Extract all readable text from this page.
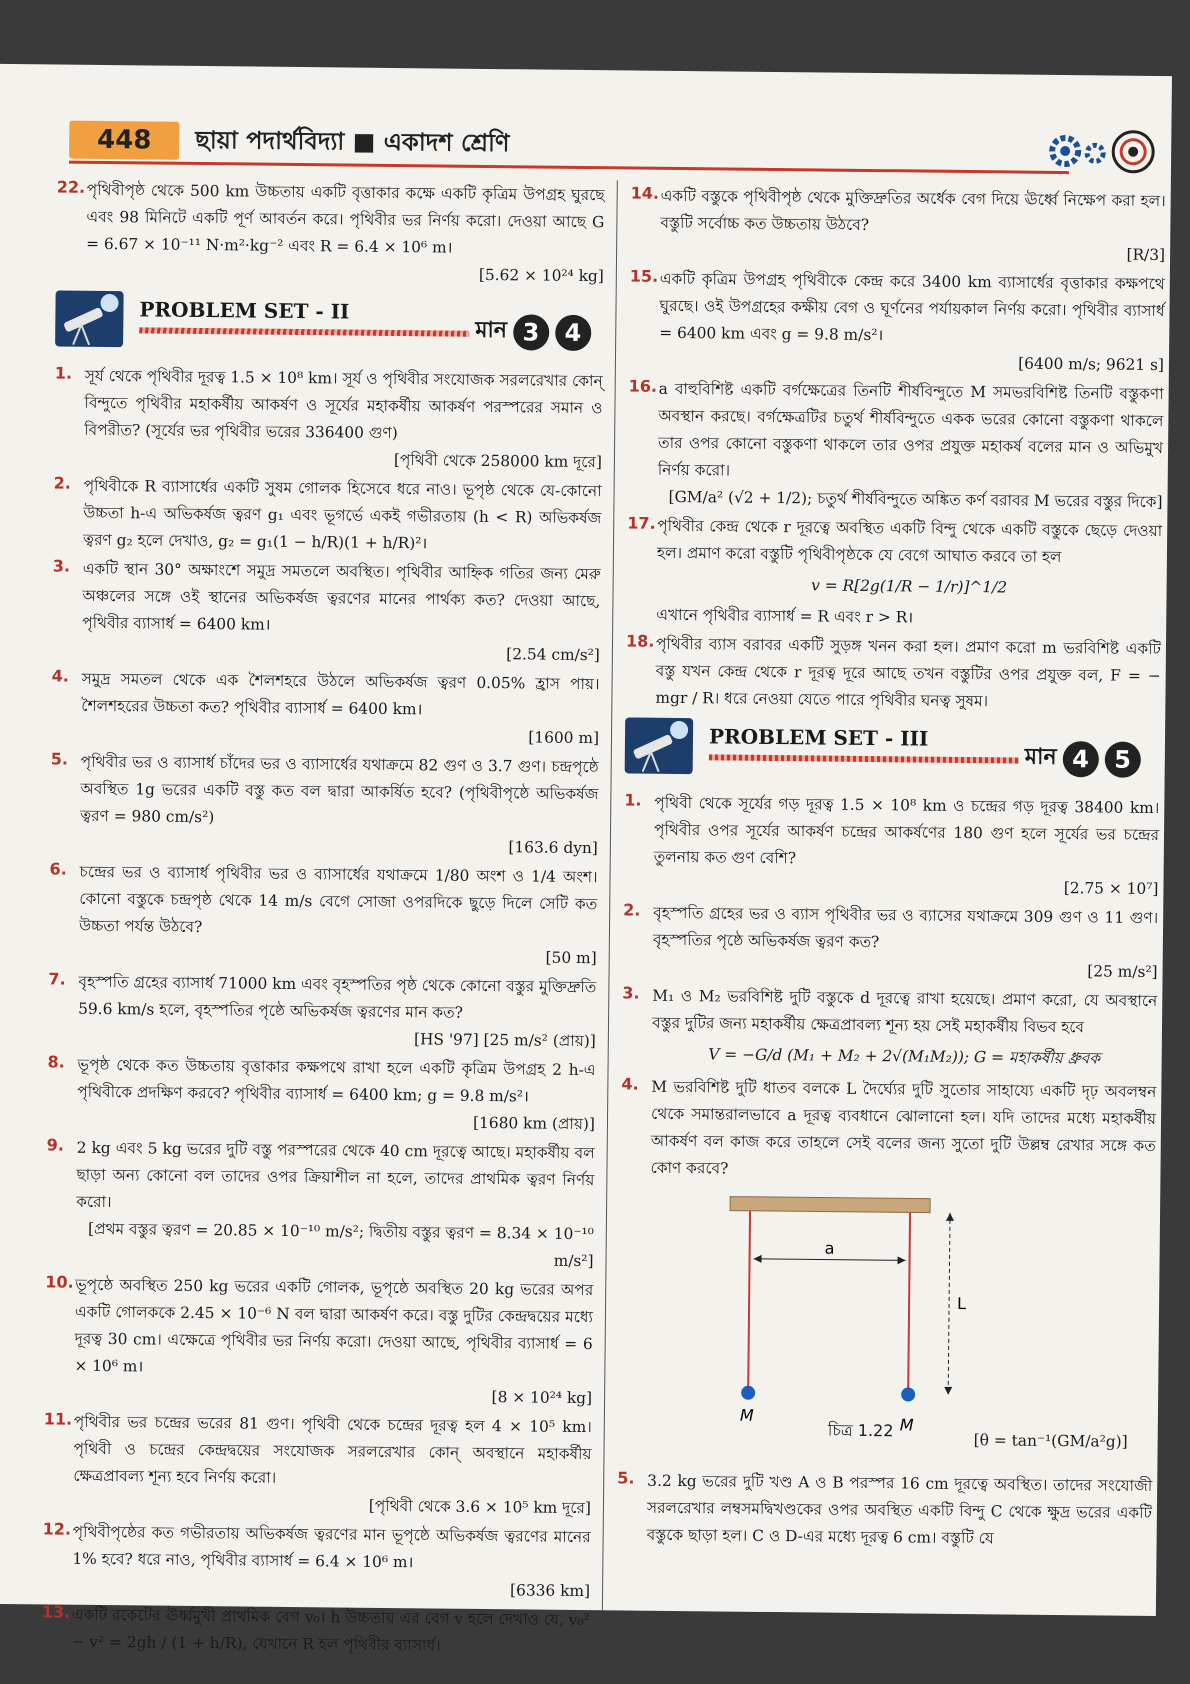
448	ছায়া পদার্থবিদ্যা ■ একাদশ শ্রেণি
22. পৃথিবীপৃষ্ঠ থেকে 500 km উচ্চতায় একটি বৃত্তাকার কক্ষে একটি কৃত্রিম উপগ্রহ ঘুরছে এবং 98 মিনিটে একটি পূর্ণ আবর্তন করে। পৃথিবীর ভর নির্ণয় করো। দেওয়া আছে G = 6.67 × 10⁻¹¹ N·m²·kg⁻² এবং R = 6.4 × 10⁶ m।
[5.62 × 10²⁴ kg]
PROBLEM SET - II
মান 3	4
1. সূর্য থেকে পৃথিবীর দূরত্ব 1.5 × 10⁸ km। সূর্য ও পৃথিবীর সংযোজক সরলরেখার কোন্ বিন্দুতে পৃথিবীর মহাকর্ষীয় আকর্ষণ ও সূর্যের মহাকর্ষীয় আকর্ষণ পরস্পরের সমান ও বিপরীত? (সূর্যের ভর পৃথিবীর ভরের 336400 গুণ)
[পৃথিবী থেকে 258000 km দূরে]
2. পৃথিবীকে R ব্যাসার্ধের একটি সুষম গোলক হিসেবে ধরে নাও। ভূপৃষ্ঠ থেকে যে-কোনো উচ্চতা h-এ অভিকর্ষজ ত্বরণ g₁ এবং ভূগর্ভে একই গভীরতায় (h < R) অভিকর্ষজ ত্বরণ g₂ হলে দেখাও, g₂ = g₁(1 − h/R)(1 + h/R)²।
3. একটি স্থান 30° অক্ষাংশে সমুদ্র সমতলে অবস্থিত। পৃথিবীর আহ্নিক গতির জন্য মেরু অঞ্চলের সঙ্গে ওই স্থানের অভিকর্ষজ ত্বরণের মানের পার্থক্য কত? দেওয়া আছে, পৃথিবীর ব্যাসার্ধ = 6400 km।
[2.54 cm/s²]
4. সমুদ্র সমতল থেকে এক শৈলশহরে উঠলে অভিকর্ষজ ত্বরণ 0.05% হ্রাস পায়। শৈলশহরের উচ্চতা কত? পৃথিবীর ব্যাসার্ধ = 6400 km।
[1600 m]
5. পৃথিবীর ভর ও ব্যাসার্ধ চাঁদের ভর ও ব্যাসার্ধের যথাক্রমে 82 গুণ ও 3.7 গুণ। চন্দ্রপৃষ্ঠে অবস্থিত 1g ভরের একটি বস্তু কত বল দ্বারা আকর্ষিত হবে? (পৃথিবীপৃষ্ঠে অভিকর্ষজ ত্বরণ = 980 cm/s²)
[163.6 dyn]
6. চন্দ্রের ভর ও ব্যাসার্ধ পৃথিবীর ভর ও ব্যাসার্ধের যথাক্রমে 1/80 অংশ ও 1/4 অংশ। কোনো বস্তুকে চন্দ্রপৃষ্ঠ থেকে 14 m/s বেগে সোজা ওপরদিকে ছুড়ে দিলে সেটি কত উচ্চতা পর্যন্ত উঠবে?
[50 m]
7. বৃহস্পতি গ্রহের ব্যাসার্ধ 71000 km এবং বৃহস্পতির পৃষ্ঠ থেকে কোনো বস্তুর মুক্তিদ্রুতি 59.6 km/s হলে, বৃহস্পতির পৃষ্ঠে অভিকর্ষজ ত্বরণের মান কত?
[HS '97] [25 m/s² (প্রায়)]
8. ভূপৃষ্ঠ থেকে কত উচ্চতায় বৃত্তাকার কক্ষপথে রাখা হলে একটি কৃত্রিম উপগ্রহ 2 h-এ পৃথিবীকে প্রদক্ষিণ করবে? পৃথিবীর ব্যাসার্ধ = 6400 km; g = 9.8 m/s²।
[1680 km (প্রায়)]
9. 2 kg এবং 5 kg ভরের দুটি বস্তু পরস্পরের থেকে 40 cm দূরত্বে আছে। মহাকর্ষীয় বল ছাড়া অন্য কোনো বল তাদের ওপর ক্রিয়াশীল না হলে, তাদের প্রাথমিক ত্বরণ নির্ণয় করো।
[প্রথম বস্তুর ত্বরণ = 20.85 × 10⁻¹⁰ m/s²; দ্বিতীয় বস্তুর ত্বরণ = 8.34 × 10⁻¹⁰ m/s²]
10. ভূপৃষ্ঠে অবস্থিত 250 kg ভরের একটি গোলক, ভূপৃষ্ঠে অবস্থিত 20 kg ভরের অপর একটি গোলককে 2.45 × 10⁻⁶ N বল দ্বারা আকর্ষণ করে। বস্তু দুটির কেন্দ্রদ্বয়ের মধ্যে দূরত্ব 30 cm। এক্ষেত্রে পৃথিবীর ভর নির্ণয় করো। দেওয়া আছে, পৃথিবীর ব্যাসার্ধ = 6 × 10⁶ m।
[8 × 10²⁴ kg]
11. পৃথিবীর ভর চন্দ্রের ভরের 81 গুণ। পৃথিবী থেকে চন্দ্রের দূরত্ব হল 4 × 10⁵ km। পৃথিবী ও চন্দ্রের কেন্দ্রদ্বয়ের সংযোজক সরলরেখার কোন্ অবস্থানে মহাকর্ষীয় ক্ষেত্রপ্রাবল্য শূন্য হবে নির্ণয় করো।
[পৃথিবী থেকে 3.6 × 10⁵ km দূরে]
12. পৃথিবীপৃষ্ঠের কত গভীরতায় অভিকর্ষজ ত্বরণের মান ভূপৃষ্ঠে অভিকর্ষজ ত্বরণের মানের 1% হবে? ধরে নাও, পৃথিবীর ব্যাসার্ধ = 6.4 × 10⁶ m।
[6336 km]
13. একটি রকেটের ঊর্ধ্বমুখী প্রাথমিক বেগ v₀। h উচ্চতায় এর বেগ v হলে দেখাও যে, v₀² − v² = 2gh / (1 + h/R), যেখানে R হল পৃথিবীর ব্যাসার্ধ।
14. একটি বস্তুকে পৃথিবীপৃষ্ঠ থেকে মুক্তিদ্রুতির অর্ধেক বেগ দিয়ে ঊর্ধ্বে নিক্ষেপ করা হল। বস্তুটি সর্বোচ্চ কত উচ্চতায় উঠবে?
[R/3]
15. একটি কৃত্রিম উপগ্রহ পৃথিবীকে কেন্দ্র করে 3400 km ব্যাসার্ধের বৃত্তাকার কক্ষপথে ঘুরছে। ওই উপগ্রহের কক্ষীয় বেগ ও ঘূর্ণনের পর্যায়কাল নির্ণয় করো। পৃথিবীর ব্যাসার্ধ = 6400 km এবং g = 9.8 m/s²।
[6400 m/s; 9621 s]
16. a বাহুবিশিষ্ট একটি বর্গক্ষেত্রের তিনটি শীর্ষবিন্দুতে M সমভরবিশিষ্ট তিনটি বস্তুকণা অবস্থান করছে। বর্গক্ষেত্রটির চতুর্থ শীর্ষবিন্দুতে একক ভরের কোনো বস্তুকণা থাকলে তার ওপর কোনো বস্তুকণা থাকলে তার ওপর প্রযুক্ত মহাকর্ষ বলের মান ও অভিমুখ নির্ণয় করো।
[GM/a² (√2 + 1/2); চতুর্থ শীর্ষবিন্দুতে অঙ্কিত কর্ণ বরাবর M ভরের বস্তুর দিকে]
17. পৃথিবীর কেন্দ্র থেকে r দূরত্বে অবস্থিত একটি বিন্দু থেকে একটি বস্তুকে ছেড়ে দেওয়া হল। প্রমাণ করো বস্তুটি পৃথিবীপৃষ্ঠকে যে বেগে আঘাত করবে তা হল
v = R[2g(1/R − 1/r)]^1/2
এখানে পৃথিবীর ব্যাসার্ধ = R এবং r > R।
18. পৃথিবীর ব্যাস বরাবর একটি সুড়ঙ্গ খনন করা হল। প্রমাণ করো m ভরবিশিষ্ট একটি বস্তু যখন কেন্দ্র থেকে r দূরত্ব দূরে আছে তখন বস্তুটির ওপর প্রযুক্ত বল, F = − mgr / R। ধরে নেওয়া যেতে পারে পৃথিবীর ঘনত্ব সুষম।
PROBLEM SET - III
মান 4	5
1. পৃথিবী থেকে সূর্যের গড় দূরত্ব 1.5 × 10⁸ km ও চন্দ্রের গড় দূরত্ব 38400 km। পৃথিবীর ওপর সূর্যের আকর্ষণ চন্দ্রের আকর্ষণের 180 গুণ হলে সূর্যের ভর চন্দ্রের তুলনায় কত গুণ বেশি?
[2.75 × 10⁷]
2. বৃহস্পতি গ্রহের ভর ও ব্যাস পৃথিবীর ভর ও ব্যাসের যথাক্রমে 309 গুণ ও 11 গুণ। বৃহস্পতির পৃষ্ঠে অভিকর্ষজ ত্বরণ কত?
[25 m/s²]
3. M₁ ও M₂ ভরবিশিষ্ট দুটি বস্তুকে d দূরত্বে রাখা হয়েছে। প্রমাণ করো, যে অবস্থানে বস্তুর দুটির জন্য মহাকর্ষীয় ক্ষেত্রপ্রাবল্য শূন্য হয় সেই মহাকর্ষীয় বিভব হবে
V = −G/d (M₁ + M₂ + 2√(M₁M₂)); G = মহাকর্ষীয় ধ্রুবক
4. M ভরবিশিষ্ট দুটি ধাতব বলকে L দৈর্ঘ্যের দুটি সুতোর সাহায্যে একটি দৃঢ় অবলম্বন থেকে সমান্তরালভাবে a দূরত্ব ব্যবধানে ঝোলানো হল। যদি তাদের মধ্যে মহাকর্ষীয় আকর্ষণ বল কাজ করে তাহলে সেই বলের জন্য সুতো দুটি উল্লম্ব রেখার সঙ্গে কত কোণ করবে?
a
L
M
M
চিত্র 1.22
[θ = tan⁻¹(GM/a²g)]
5. 3.2 kg ভরের দুটি খণ্ড A ও B পরস্পর 16 cm দূরত্বে অবস্থিত। তাদের সংযোজী সরলরেখার লম্বসমদ্বিখণ্ডকের ওপর অবস্থিত একটি বিন্দু C থেকে ক্ষুদ্র ভরের একটি বস্তুকে ছাড়া হল। C ও D-এর মধ্যে দূরত্ব 6 cm। বস্তুটি যে
